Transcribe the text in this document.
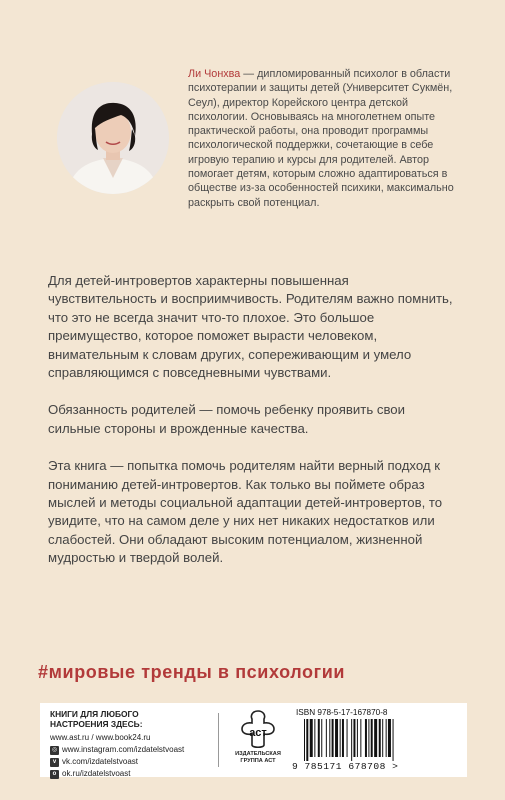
Ли Чонхва — дипломированный психолог в области психотерапии и защиты детей (Университет Сукмён, Сеул), директор Корейского центра детской психологии. Основываясь на многолетнем опыте практической работы, она проводит программы психологической поддержки, сочетающие в себе игровую терапию и курсы для родителей. Автор помогает детям, которым сложно адаптироваться в обществе из-за особенностей психики, максимально раскрыть свой потенциал.

Для детей-интровертов характерны повышенная чувствительность и восприимчивость. Родителям важно помнить, что это не всегда значит что-то плохое. Это большое преимущество, которое поможет вырасти человеком, внимательным к словам других, сопереживающим и умело справляющимся с повседневными чувствами.

Обязанность родителей — помочь ребенку проявить свои сильные стороны и врожденные качества.

Эта книга — попытка помочь родителям найти верный подход к пониманию детей-интровертов. Как только вы поймете образ мыслей и методы социальной адаптации детей-интровертов, то увидите, что на самом деле у них нет никаких недостатков или слабостей. Они обладают высоким потенциалом, жизненной мудростью и твердой волей.

#мировые тренды в психологии

КНИГИ ДЛЯ ЛЮБОГО
НАСТРОЕНИЯ ЗДЕСЬ:

www.ast.ru / www.book24.ru

◎ www.instagram.com/izdatelstvoast

v vk.com/izdatelstvoast

o ok.ru/izdatelstvoast

аст

ИЗДАТЕЛЬСКАЯ
ГРУППА АСТ

ISBN 978-5-17-167870-8

9 785171 678708 >
